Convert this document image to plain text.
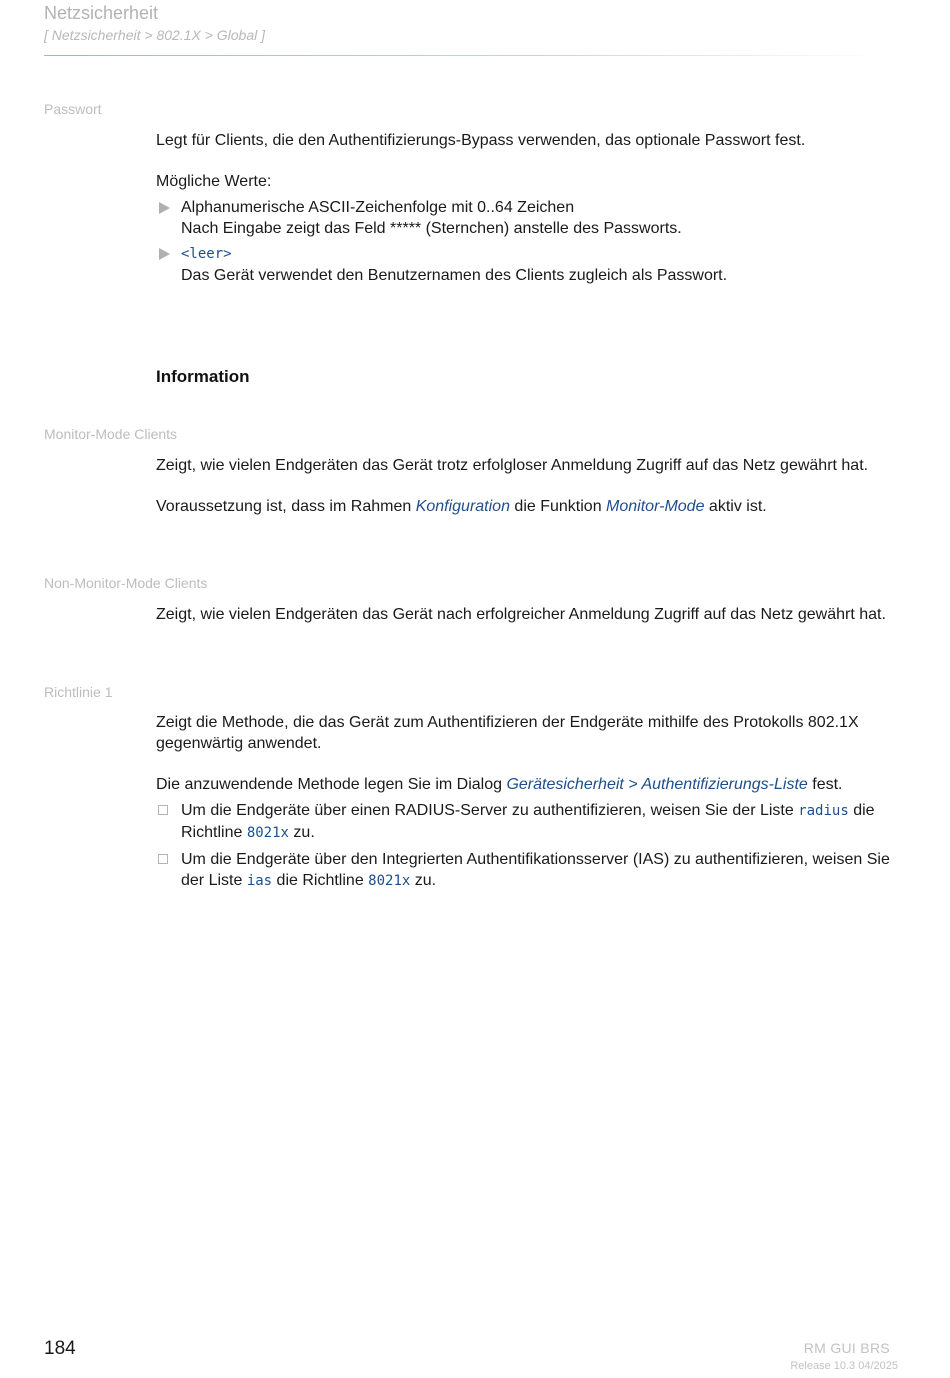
Netzsicherheit
[ Netzsicherheit > 802.1X > Global ]
Passwort

Legt für Clients, die den Authentifizierungs-Bypass verwenden, das optionale Passwort fest.

Mögliche Werte:

Alphanumerische ASCII-Zeichenfolge mit 0..64 Zeichen
Nach Eingabe zeigt das Feld ***** (Sternchen) anstelle des Passworts.
<leer>
Das Gerät verwendet den Benutzernamen des Clients zugleich als Passwort.
Information
Monitor-Mode Clients

Zeigt, wie vielen Endgeräten das Gerät trotz erfolgloser Anmeldung Zugriff auf das Netz gewährt hat.

Voraussetzung ist, dass im Rahmen Konfiguration die Funktion Monitor-Mode aktiv ist.

Non-Monitor-Mode Clients

Zeigt, wie vielen Endgeräten das Gerät nach erfolgreicher Anmeldung Zugriff auf das Netz gewährt hat.

Richtlinie 1

Zeigt die Methode, die das Gerät zum Authentifizieren der Endgeräte mithilfe des Protokolls 802.1X gegenwärtig anwendet.

Die anzuwendende Methode legen Sie im Dialog Gerätesicherheit > Authentifizierungs-Liste fest.

Um die Endgeräte über einen RADIUS-Server zu authentifizieren, weisen Sie der Liste radius die Richtline 8021x zu.
Um die Endgeräte über den Integrierten Authentifikationsserver (IAS) zu authentifizieren, weisen Sie der Liste ias die Richtline 8021x zu.
184	RM GUI BRS
Release 10.3 04/2025
